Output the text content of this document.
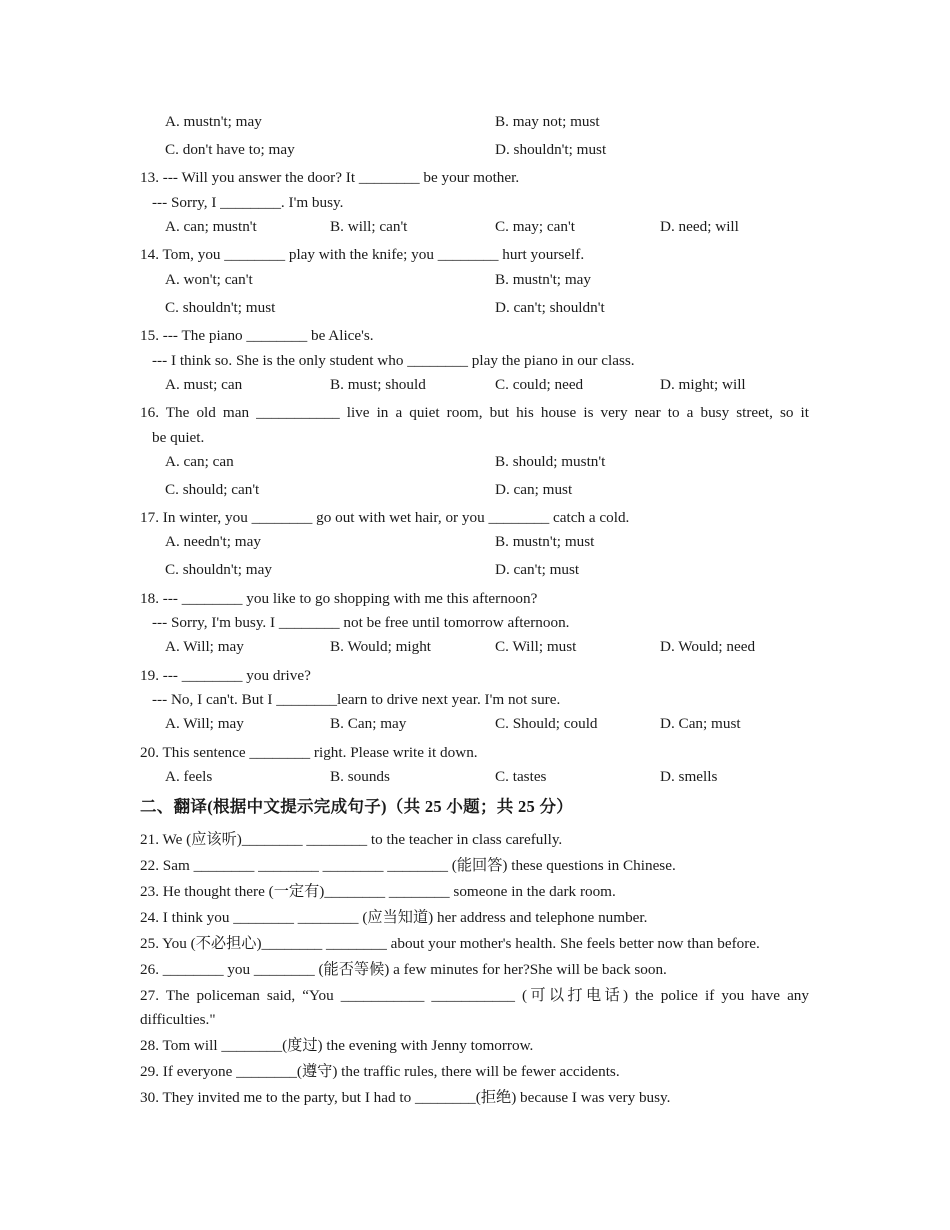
A. mustn't; may	B. may not; must
C. don't have to; may	D. shouldn't; must
13. --- Will you answer the door? It ________ be your mother.
--- Sorry, I ________. I'm busy.
A. can; mustn't	B. will; can't	C. may; can't	D. need; will
14. Tom, you ________ play with the knife; you ________ hurt yourself.
A. won't; can't	B. mustn't; may
C. shouldn't; must	D. can't; shouldn't
15. --- The piano ________ be Alice's.
--- I think so. She is the only student who ________ play the piano in our class.
A. must; can	B. must; should	C. could; need	D. might; will
16. The old man ___________ live in a quiet room, but his house is very near to a busy street, so it
be quiet.
A. can; can	B. should; mustn't
C. should; can't	D. can; must
17. In winter, you ________ go out with wet hair, or you ________ catch a cold.
A. needn't; may	B. mustn't; must
C. shouldn't; may	D. can't; must
18. --- ________ you like to go shopping with me this afternoon?
--- Sorry, I'm busy. I ________ not be free until tomorrow afternoon.
A. Will; may	B. Would; might	C. Will; must	D. Would; need
19. --- ________ you drive?
--- No, I can't. But I ________learn to drive next year. I'm not sure.
A. Will; may	B. Can; may	C. Should; could	D. Can; must
20. This sentence ________ right. Please write it down.
A. feels	B. sounds	C. tastes	D. smells
二、翻译(根据中文提示完成句子)（共 25 小题；共 25 分）
21. We (应该听)________ ________ to the teacher in class carefully.
22. Sam ________ ________ ________ ________ (能回答) these questions in Chinese.
23. He thought there (一定有)________ ________ someone in the dark room.
24. I think you ________ ________ (应当知道) her address and telephone number.
25. You (不必担心)________ ________ about your mother's health. She feels better now than before.
26. ________ you ________ (能否等候) a few minutes for her?She will be back soon.
27. The policeman said, “You ___________ ___________ (可以打电话) the police if you have any
difficulties."
28. Tom will ________(度过) the evening with Jenny tomorrow.
29. If everyone ________(遵守) the traffic rules, there will be fewer accidents.
30. They invited me to the party, but I had to ________(拒绝) because I was very busy.
